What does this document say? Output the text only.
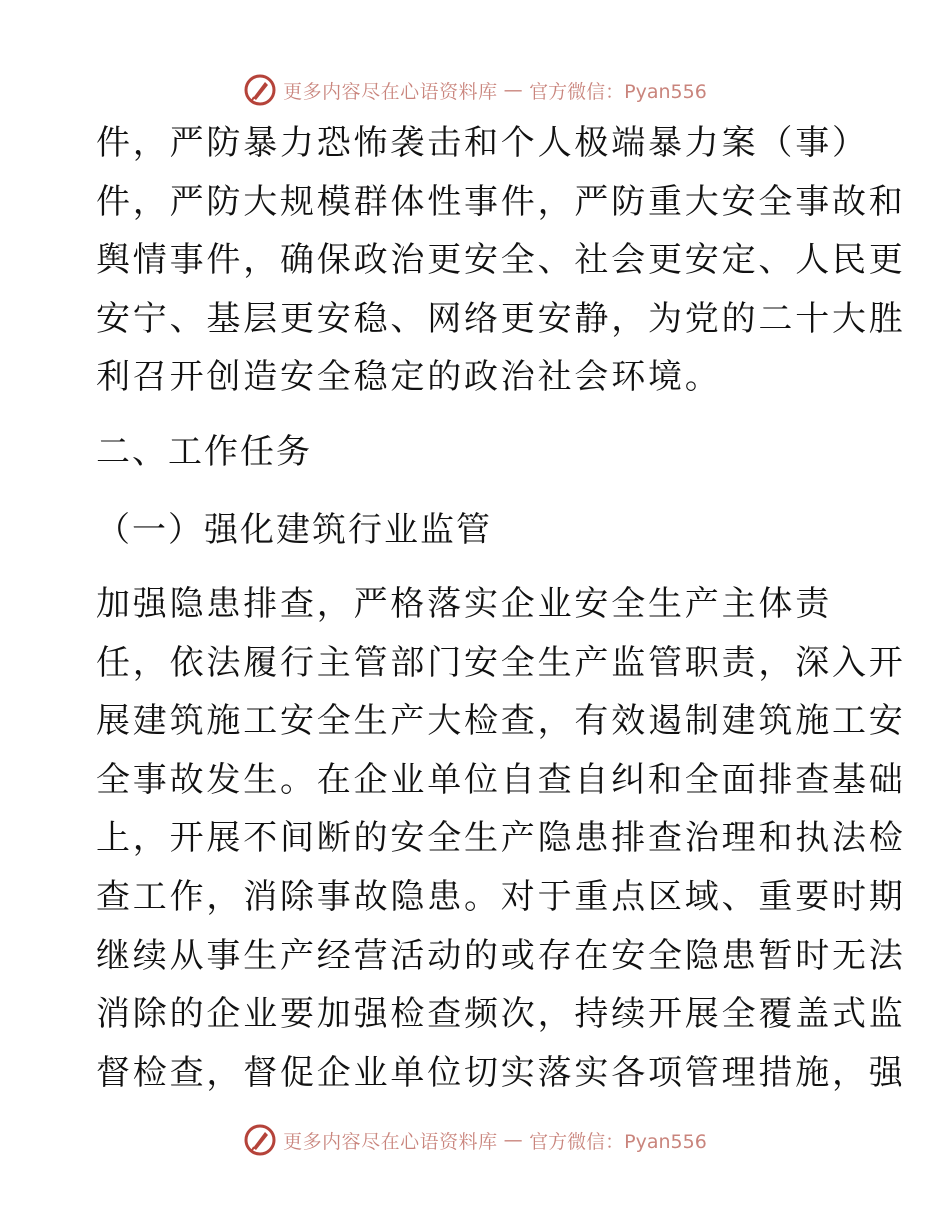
更多内容尽在心语资料库 — 官方微信：Pyan556
件，严防暴力恐怖袭击和个人极端暴力案（事）
件，严防大规模群体性事件，严防重大安全事故和
舆情事件，确保政治更安全、社会更安定、人民更
安宁、基层更安稳、网络更安静，为党的二十大胜
利召开创造安全稳定的政治社会环境。
二、工作任务
（一）强化建筑行业监管
加强隐患排查，严格落实企业安全生产主体责
任，依法履行主管部门安全生产监管职责，深入开
展建筑施工安全生产大检查，有效遏制建筑施工安
全事故发生。在企业单位自查自纠和全面排查基础
上，开展不间断的安全生产隐患排查治理和执法检
查工作，消除事故隐患。对于重点区域、重要时期
继续从事生产经营活动的或存在安全隐患暂时无法
消除的企业要加强检查频次，持续开展全覆盖式监
督检查，督促企业单位切实落实各项管理措施，强
更多内容尽在心语资料库 — 官方微信：Pyan556
